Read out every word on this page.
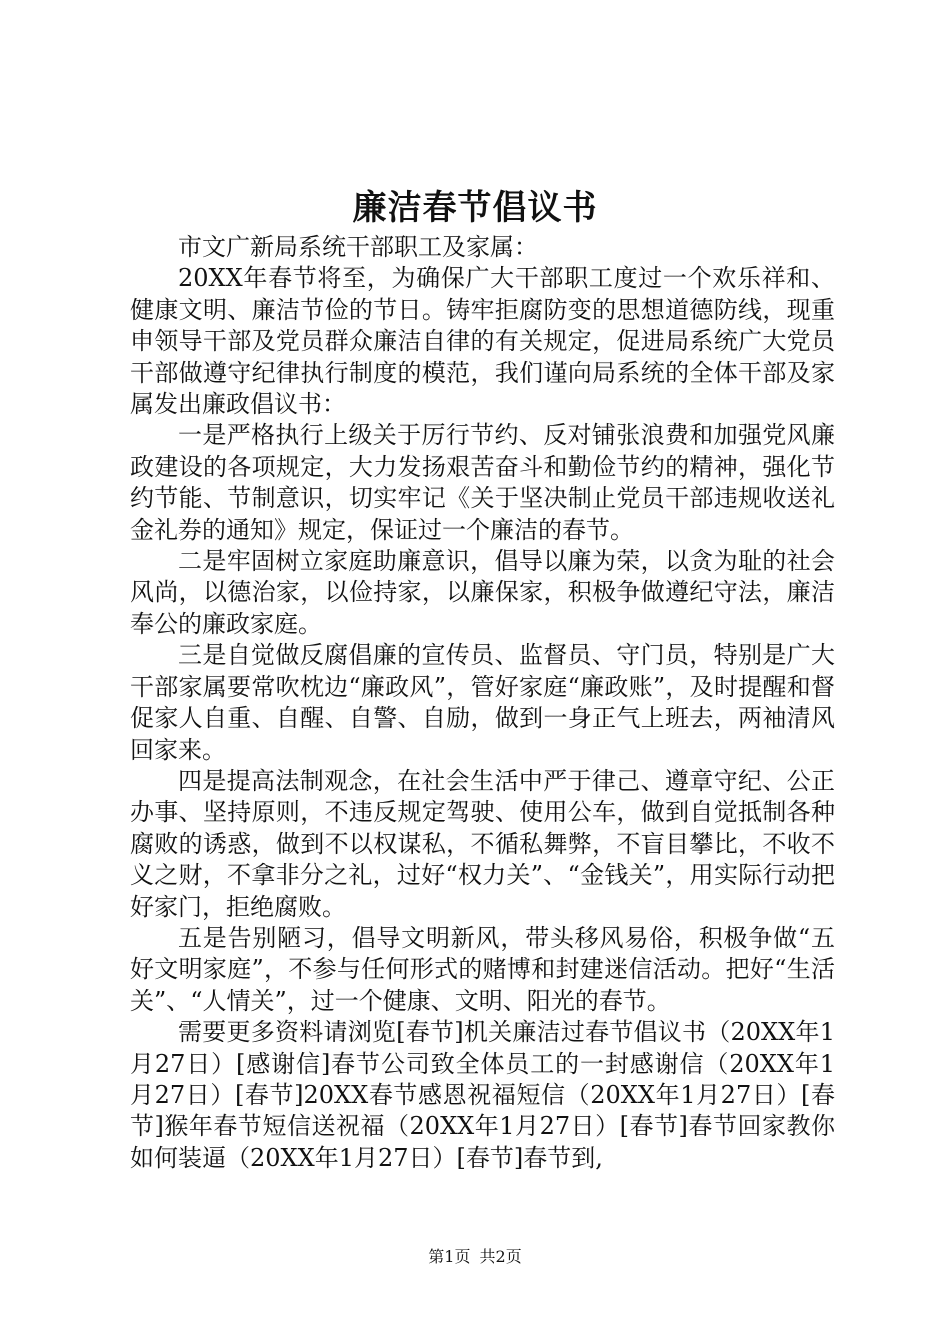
廉洁春节倡议书

市文广新局系统干部职工及家属：

20XX年春节将至，为确保广大干部职工度过一个欢乐祥和、健康文明、廉洁节俭的节日。铸牢拒腐防变的思想道德防线，现重申领导干部及党员群众廉洁自律的有关规定，促进局系统广大党员干部做遵守纪律执行制度的模范，我们谨向局系统的全体干部及家属发出廉政倡议书：

一是严格执行上级关于厉行节约、反对铺张浪费和加强党风廉政建设的各项规定，大力发扬艰苦奋斗和勤俭节约的精神，强化节约节能、节制意识，切实牢记《关于坚决制止党员干部违规收送礼金礼券的通知》规定，保证过一个廉洁的春节。

二是牢固树立家庭助廉意识，倡导以廉为荣，以贪为耻的社会风尚，以德治家，以俭持家，以廉保家，积极争做遵纪守法，廉洁奉公的廉政家庭。

三是自觉做反腐倡廉的宣传员、监督员、守门员，特别是广大干部家属要常吹枕边“廉政风”，管好家庭“廉政账”，及时提醒和督促家人自重、自醒、自警、自励，做到一身正气上班去，两袖清风回家来。

四是提高法制观念，在社会生活中严于律己、遵章守纪、公正办事、坚持原则，不违反规定驾驶、使用公车，做到自觉抵制各种腐败的诱惑，做到不以权谋私，不循私舞弊，不盲目攀比，不收不义之财，不拿非分之礼，过好“权力关”、“金钱关”，用实际行动把好家门，拒绝腐败。

五是告别陋习，倡导文明新风，带头移风易俗，积极争做“五好文明家庭”，不参与任何形式的赌博和封建迷信活动。把好“生活关”、“人情关”，过一个健康、文明、阳光的春节。

需要更多资料请浏览[春节]机关廉洁过春节倡议书（20XX年1月27日）[感谢信]春节公司致全体员工的一封感谢信（20XX年1月27日）[春节]20XX春节感恩祝福短信（20XX年1月27日）[春节]猴年春节短信送祝福（20XX年1月27日）[春节]春节回家教你如何装逼（20XX年1月27日）[春节]春节到,

第1页 共2页
